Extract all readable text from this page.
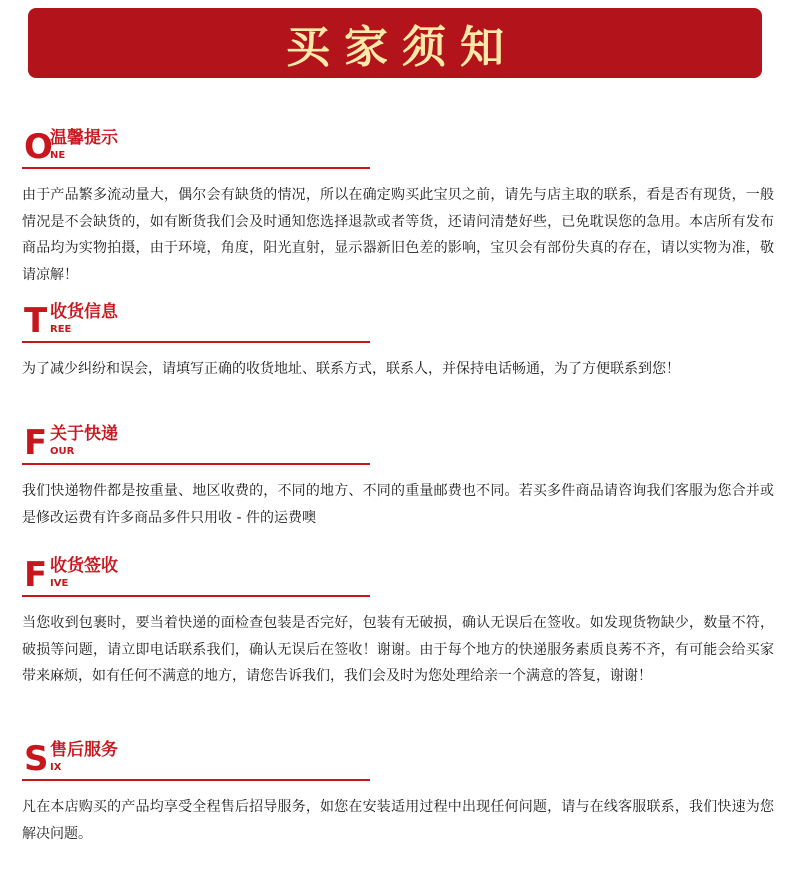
买家须知
O
温馨提示
NE

由于产品繁多流动量大，偶尔会有缺货的情况，所以在确定购买此宝贝之前，请先与店主取的联系，看是否有现货，一般情况是不会缺货的，如有断货我们会及时通知您选择退款或者等货，还请问清楚好些，已免耽误您的急用。本店所有发布商品均为实物拍摄，由于环境，角度，阳光直射，显示器新旧色差的影响，宝贝会有部份失真的存在，请以实物为准，敬请凉解！

T 收货信息
REE

为了减少纠纷和误会，请填写正确的收货地址、联系方式，联系人，并保持电话畅通，为了方便联系到您！

F 关于快递
OUR

我们快递物件都是按重量、地区收费的，不同的地方、不同的重量邮费也不同。若买多件商品请咨询我们客服为您合并或是修改运费有许多商品多件只用收 - 件的运费噢

F 收货签收
IVE

当您收到包裹时，要当着快递的面检查包装是否完好，包装有无破损，确认无误后在签收。如发现货物缺少，数量不符，破损等问题，请立即电话联系我们，确认无误后在签收！谢谢。由于每个地方的快递服务素质良莠不齐，有可能会给买家带来麻烦，如有任何不满意的地方，请您告诉我们，我们会及时为您处理给亲一个满意的答复，谢谢！

S 售后服务
IX

凡在本店购买的产品均享受全程售后招导服务，如您在安装适用过程中出现任何问题，请与在线客服联系，我们快速为您解决问题。
